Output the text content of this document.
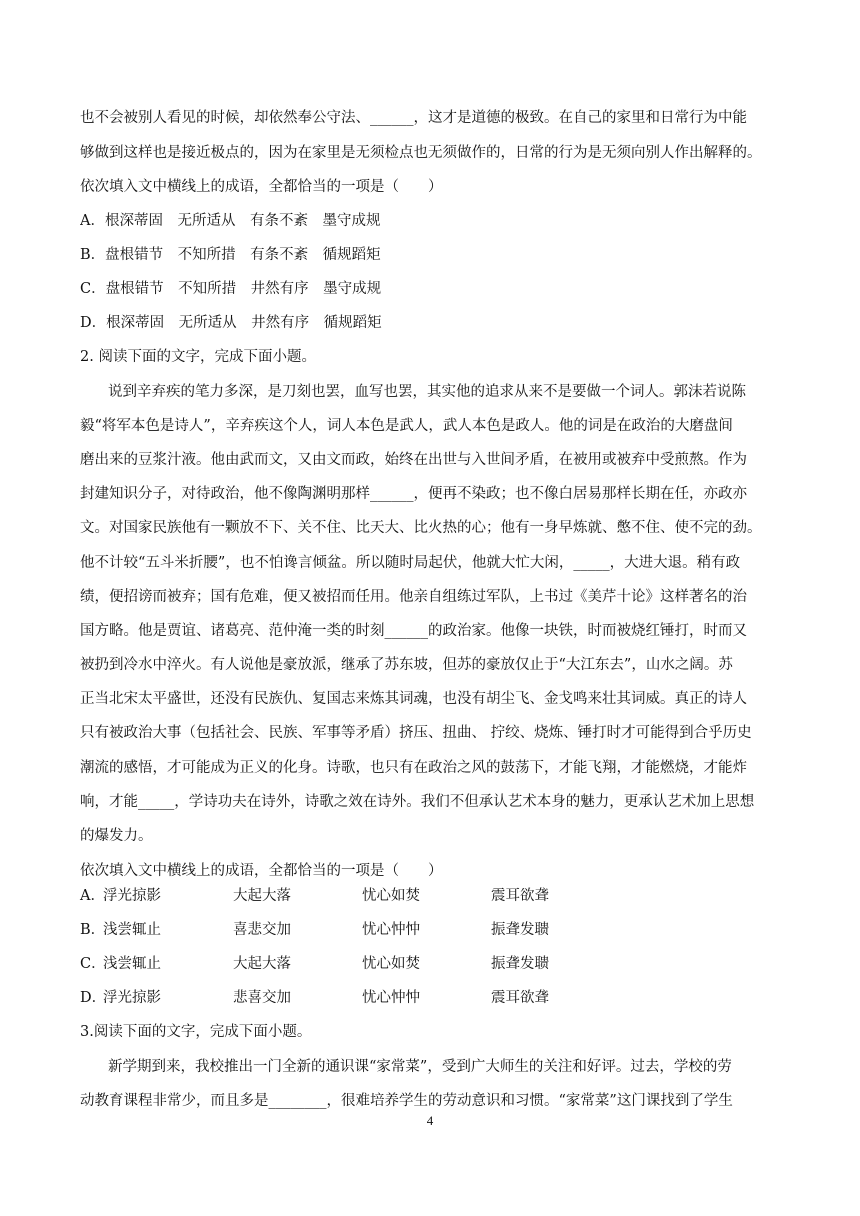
也不会被别人看见的时候，却依然奉公守法、______，这才是道德的极致。在自己的家里和日常行为中能
够做到这样也是接近极点的，因为在家里是无须检点也无须做作的，日常的行为是无须向别人作出解释的。
依次填入文中横线上的成语，全都恰当的一项是（　　）
A．根深蒂固　无所适从　有条不紊　墨守成规
B．盘根错节　不知所措　有条不紊　循规蹈矩
C．盘根错节　不知所措　井然有序　墨守成规
D．根深蒂固　无所适从　井然有序　循规蹈矩
2. 阅读下面的文字，完成下面小题。
说到辛弃疾的笔力多深，是刀刻也罢，血写也罢，其实他的追求从来不是要做一个词人。郭沫若说陈
毅“将军本色是诗人”，辛弃疾这个人，词人本色是武人，武人本色是政人。他的词是在政治的大磨盘间
磨出来的豆浆汁液。他由武而文，又由文而政，始终在出世与入世间矛盾，在被用或被弃中受煎熬。作为
封建知识分子，对待政治，他不像陶渊明那样______，便再不染政；也不像白居易那样长期在任，亦政亦
文。对国家民族他有一颗放不下、关不住、比天大、比火热的心；他有一身早炼就、憋不住、使不完的劲。
他不计较“五斗米折腰”，也不怕谗言倾盆。所以随时局起伏，他就大忙大闲，_____，大进大退。稍有政
绩，便招谤而被弃；国有危难，便又被招而任用。他亲自组练过军队，上书过《美芹十论》这样著名的治
国方略。他是贾谊、诸葛亮、范仲淹一类的时刻______的政治家。他像一块铁，时而被烧红锤打，时而又
被扔到冷水中淬火。有人说他是豪放派，继承了苏东坡，但苏的豪放仅止于“大江东去”，山水之阔。苏
正当北宋太平盛世，还没有民族仇、复国志来炼其词魂，也没有胡尘飞、金戈鸣来壮其词威。真正的诗人
只有被政治大事（包括社会、民族、军事等矛盾）挤压、扭曲、 拧绞、烧炼、锤打时才可能得到合乎历史
潮流的感悟，才可能成为正义的化身。诗歌，也只有在政治之风的鼓荡下，才能飞翔，才能燃烧，才能炸
响，才能_____，学诗功夫在诗外，诗歌之效在诗外。我们不但承认艺术本身的魅力，更承认艺术加上思想
的爆发力。
依次填入文中横线上的成语，全都恰当的一项是（　　）
A．
浮光掠影	大起大落	忧心如焚	震耳欲聋
B．
浅尝辄止	喜悲交加	忧心忡忡	振聋发聩
C．
浅尝辄止	大起大落	忧心如焚	振聋发聩
D．
浮光掠影	悲喜交加	忧心忡忡	震耳欲聋
3.阅读下面的文字，完成下面小题。
新学期到来，我校推出一门全新的通识课“家常菜”，受到广大师生的关注和好评。过去，学校的劳
动教育课程非常少，而且多是________，很难培养学生的劳动意识和习惯。“家常菜”这门课找到了学生
4
